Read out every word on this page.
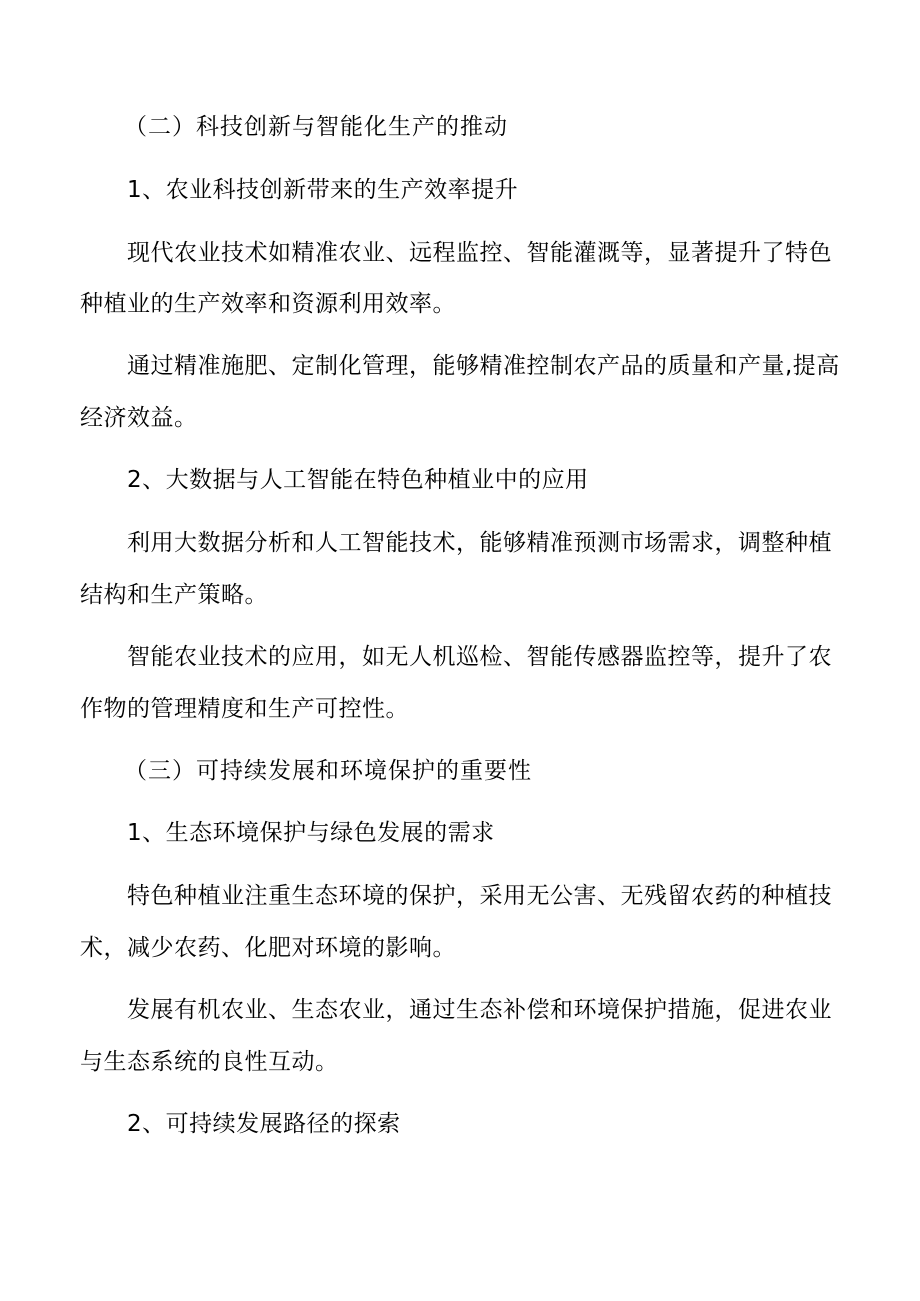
（二）科技创新与智能化生产的推动
1、农业科技创新带来的生产效率提升
现代农业技术如精准农业、远程监控、智能灌溉等，显著提升了特色
种植业的生产效率和资源利用效率。
通过精准施肥、定制化管理，能够精准控制农产品的质量和产量,提高
经济效益。
2、大数据与人工智能在特色种植业中的应用
利用大数据分析和人工智能技术，能够精准预测市场需求，调整种植
结构和生产策略。
智能农业技术的应用，如无人机巡检、智能传感器监控等，提升了农
作物的管理精度和生产可控性。
（三）可持续发展和环境保护的重要性
1、生态环境保护与绿色发展的需求
特色种植业注重生态环境的保护，采用无公害、无残留农药的种植技
术，减少农药、化肥对环境的影响。
发展有机农业、生态农业，通过生态补偿和环境保护措施，促进农业
与生态系统的良性互动。
2、可持续发展路径的探索
